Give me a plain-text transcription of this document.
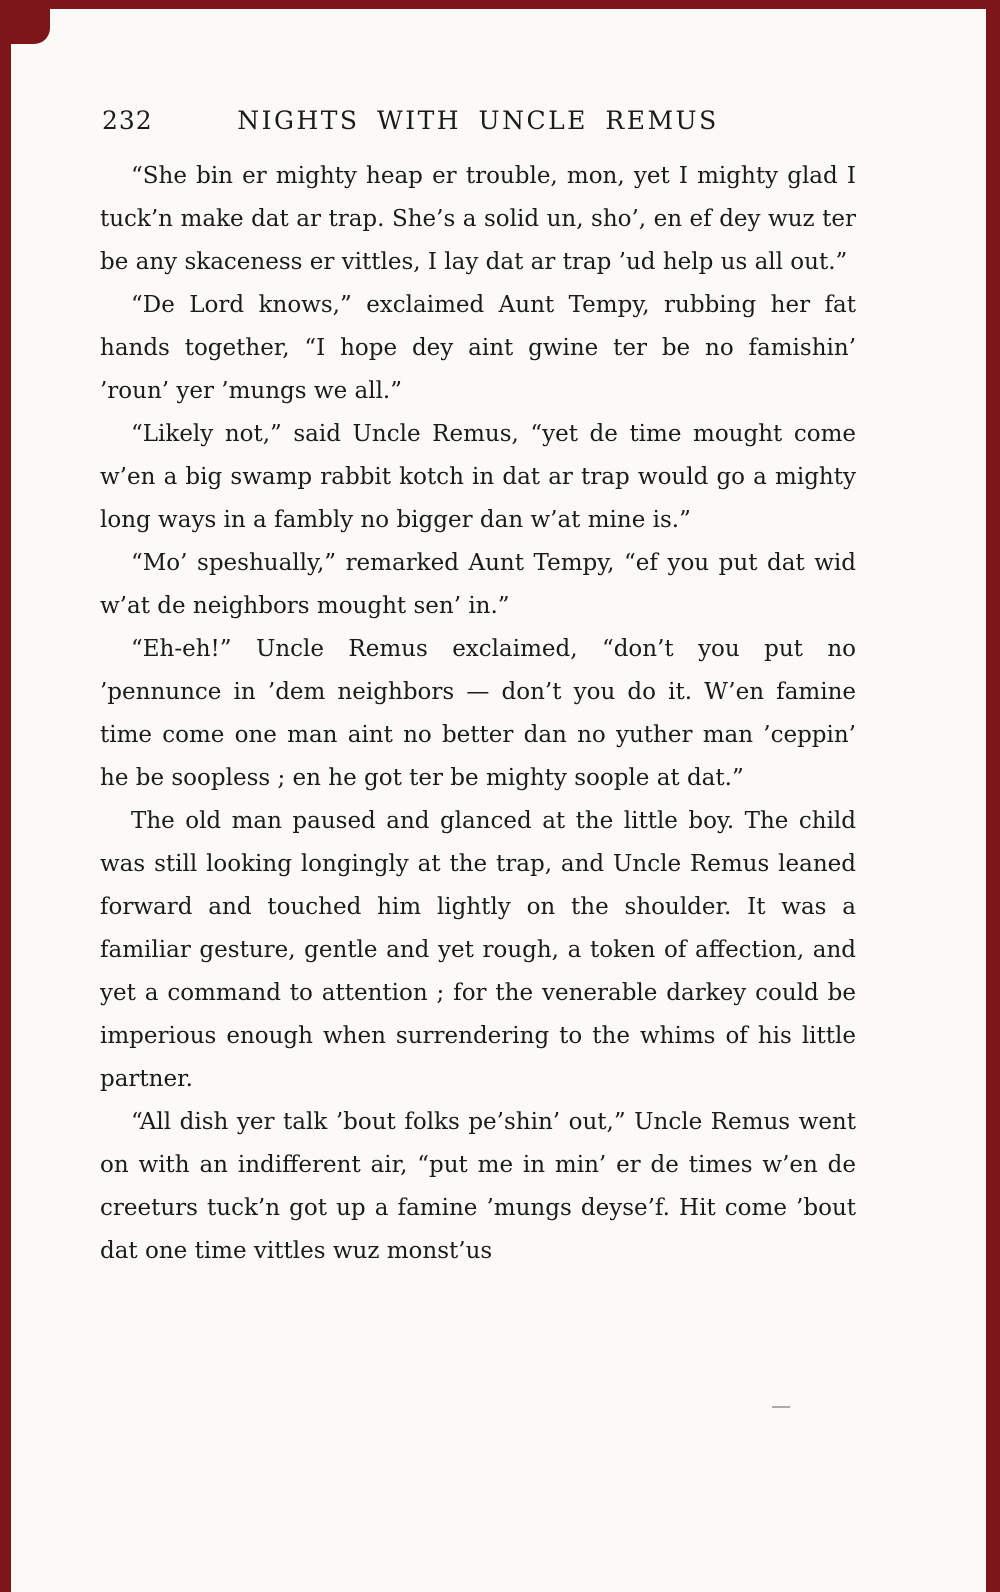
232	NIGHTS WITH UNCLE REMUS

“She bin er mighty heap er trouble, mon, yet I mighty glad I tuck’n make dat ar trap. She’s a solid un, sho’, en ef dey wuz ter be any skaceness er vittles, I lay dat ar trap ’ud help us all out.”

“De Lord knows,” exclaimed Aunt Tempy, rubbing her fat hands together, “I hope dey aint gwine ter be no famishin’ ’roun’ yer ’mungs we all.”

“Likely not,” said Uncle Remus, “yet de time mought come w’en a big swamp rabbit kotch in dat ar trap would go a mighty long ways in a fambly no bigger dan w’at mine is.”

“Mo’ speshually,” remarked Aunt Tempy, “ef you put dat wid w’at de neighbors mought sen’ in.”

“Eh-eh!” Uncle Remus exclaimed, “don’t you put no ’pennunce in ’dem neighbors — don’t you do it. W’en famine time come one man aint no better dan no yuther man ’ceppin’ he be soopless ; en he got ter be mighty soople at dat.”

The old man paused and glanced at the little boy. The child was still looking longingly at the trap, and Uncle Remus leaned forward and touched him lightly on the shoulder. It was a familiar gesture, gentle and yet rough, a token of affection, and yet a command to attention ; for the venerable darkey could be imperious enough when surrendering to the whims of his little partner.

“All dish yer talk ’bout folks pe’shin’ out,” Uncle Remus went on with an indifferent air, “put me in min’ er de times w’en de creeturs tuck’n got up a famine ’mungs deyse’f. Hit come ’bout dat one time vittles wuz monst’us
